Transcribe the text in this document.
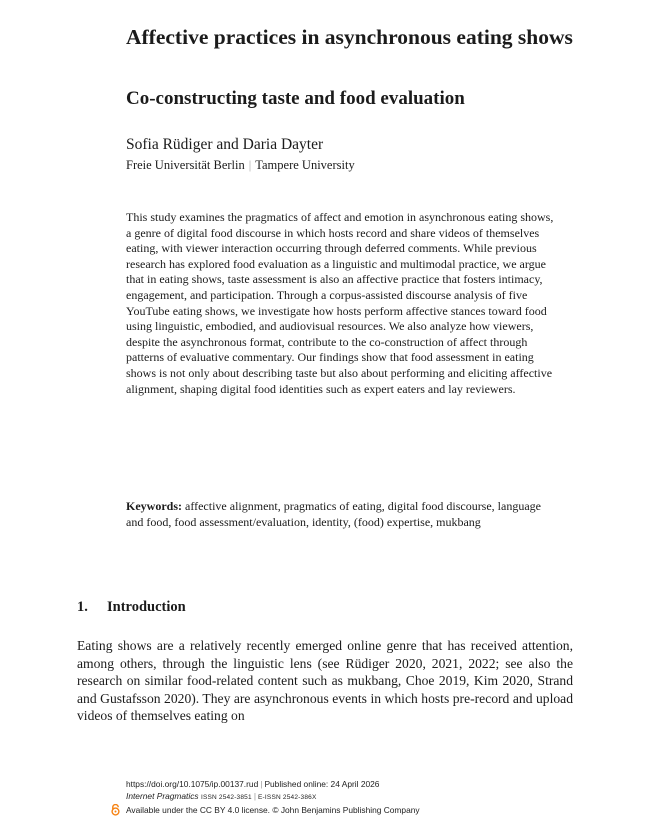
Affective practices in asynchronous eating shows
Co-constructing taste and food evaluation
Sofia Rüdiger and Daria Dayter
Freie Universität Berlin | Tampere University

This study examines the pragmatics of affect and emotion in asynchronous eating shows, a genre of digital food discourse in which hosts record and share videos of themselves eating, with viewer interaction occurring through deferred comments. While previous research has explored food evaluation as a linguistic and multimodal practice, we argue that in eating shows, taste assessment is also an affective practice that fosters intimacy, engagement, and participation. Through a corpus-assisted discourse analysis of five YouTube eating shows, we investigate how hosts perform affective stances toward food using linguistic, embodied, and audiovisual resources. We also analyze how viewers, despite the asynchronous format, contribute to the co-construction of affect through patterns of evaluative commentary. Our findings show that food assessment in eating shows is not only about describing taste but also about performing and eliciting affective alignment, shaping digital food identities such as expert eaters and lay reviewers.

Keywords: affective alignment, pragmatics of eating, digital food discourse, language and food, food assessment/evaluation, identity, (food) expertise, mukbang

1. Introduction

Eating shows are a relatively recently emerged online genre that has received attention, among others, through the linguistic lens (see Rüdiger 2020, 2021, 2022; see also the research on similar food-related content such as mukbang, Choe 2019, Kim 2020, Strand and Gustafsson 2020). They are asynchronous events in which hosts pre-record and upload videos of themselves eating on

https://doi.org/10.1075/ip.00137.rud | Published online: 24 April 2026
Internet Pragmatics ISSN 2542-3851 | E-ISSN 2542-386X
Available under the CC BY 4.0 license. © John Benjamins Publishing Company
